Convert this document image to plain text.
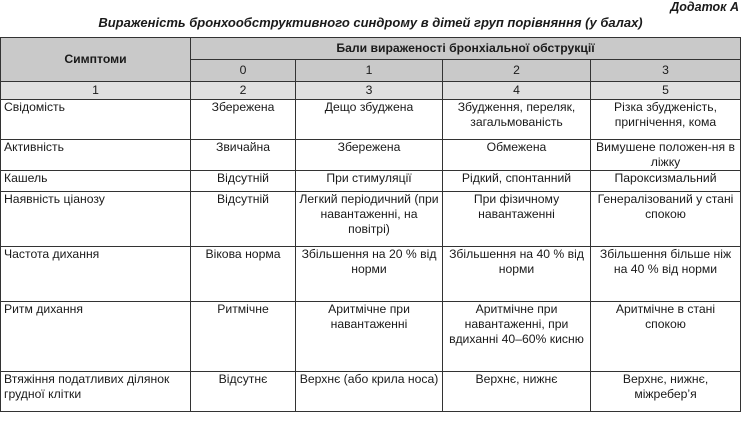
Додаток А
Вираженість бронхообструктивного синдрому в дітей груп порівняння (у балах)
Симптоми	Бали вираженості бронхіальної обструкції			
	0	1	2	3
1	2	3	4	5
Свідомість	Збережена	Дещо збуджена	Збудження, переляк, загальмованість	Різка збудженість, пригнічення, кома
Активність	Звичайна	Збережена	Обмежена	Вимушене положен-ня в ліжку
Кашель	Відсутній	При стимуляції	Рідкий, спонтанний	Пароксизмальний
Наявність ціанозу	Відсутній	Легкий періодичний (при навантаженні, на повітрі)	При фізичному навантаженні	Генералізований у стані спокою
Частота дихання	Вікова норма	Збільшення на 20 % від норми	Збільшення на 40 % від норми	Збільшення більше ніж на 40 % від норми
Ритм дихання	Ритмічне	Аритмічне при навантаженні	Аритмічне при навантаженні, при вдиханні 40–60% кисню	Аритмічне в стані спокою
Втяжіння податливих ділянок грудної клітки	Відсутнє	Верхнє (або крила носа)	Верхнє, нижнє	Верхнє, нижнє, міжребер’я
